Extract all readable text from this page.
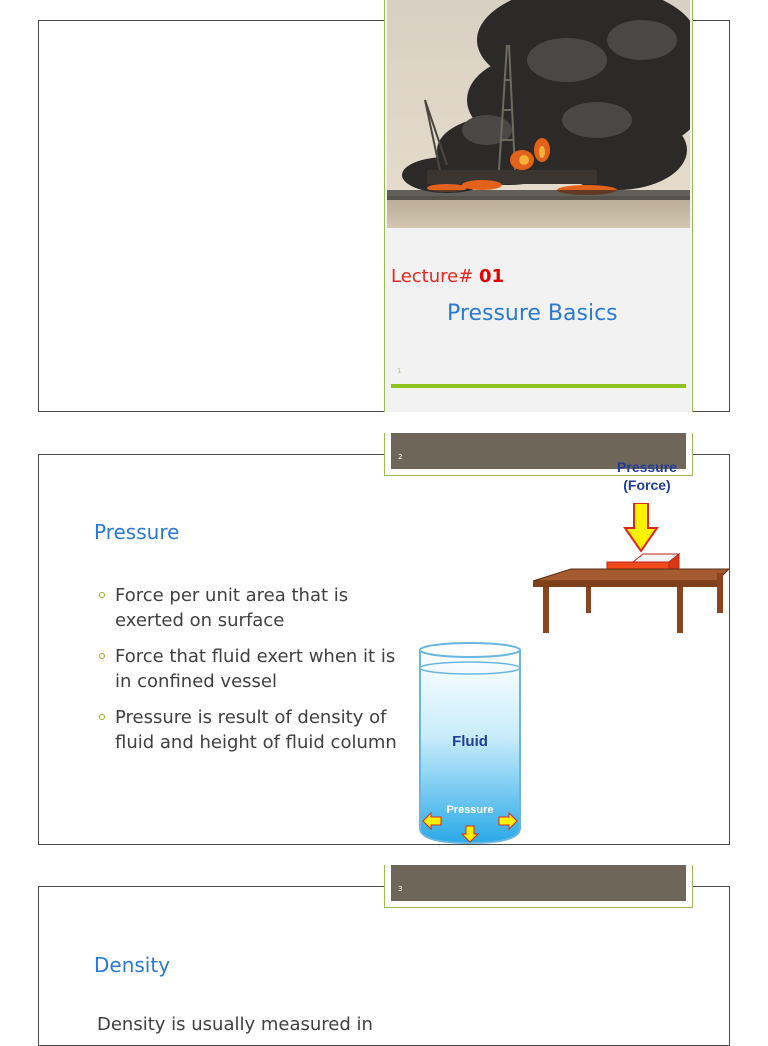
Lecture# 01
Pressure Basics
1
2
Pressure
Force per unit area that is exerted on surface
Force that fluid exert when it is in confined vessel
Pressure is result of density of fluid and height of fluid column
Pressure
(Force)
Fluid
Pressure
3
Density
Density is usually measured in
